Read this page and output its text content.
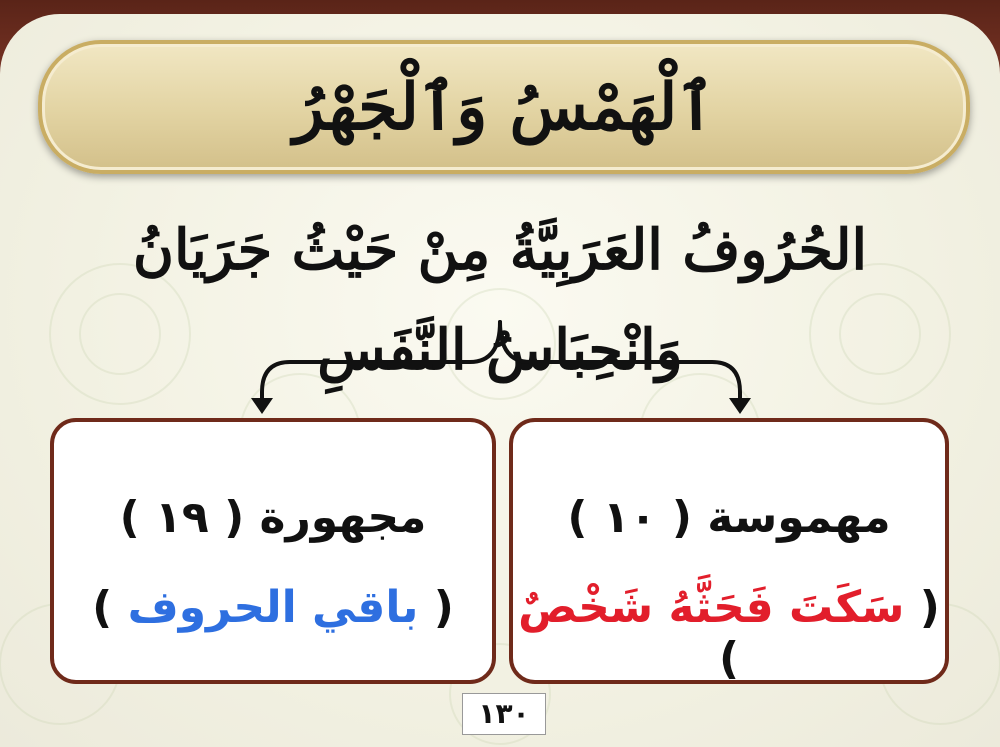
ٱلْهَمْسُ وَٱلْجَهْرُ
الحُرُوفُ العَرَبِيَّةُ مِنْ حَيْثُ جَرَيَانُ وَانْحِبَاسُ النَّفَسِ
مجهورة ( ١٩ )
( باقي الحروف )
مهموسة ( ١٠ )
( سَكَتَ فَحَثَّهُ شَخْصٌ )
١٣٠
